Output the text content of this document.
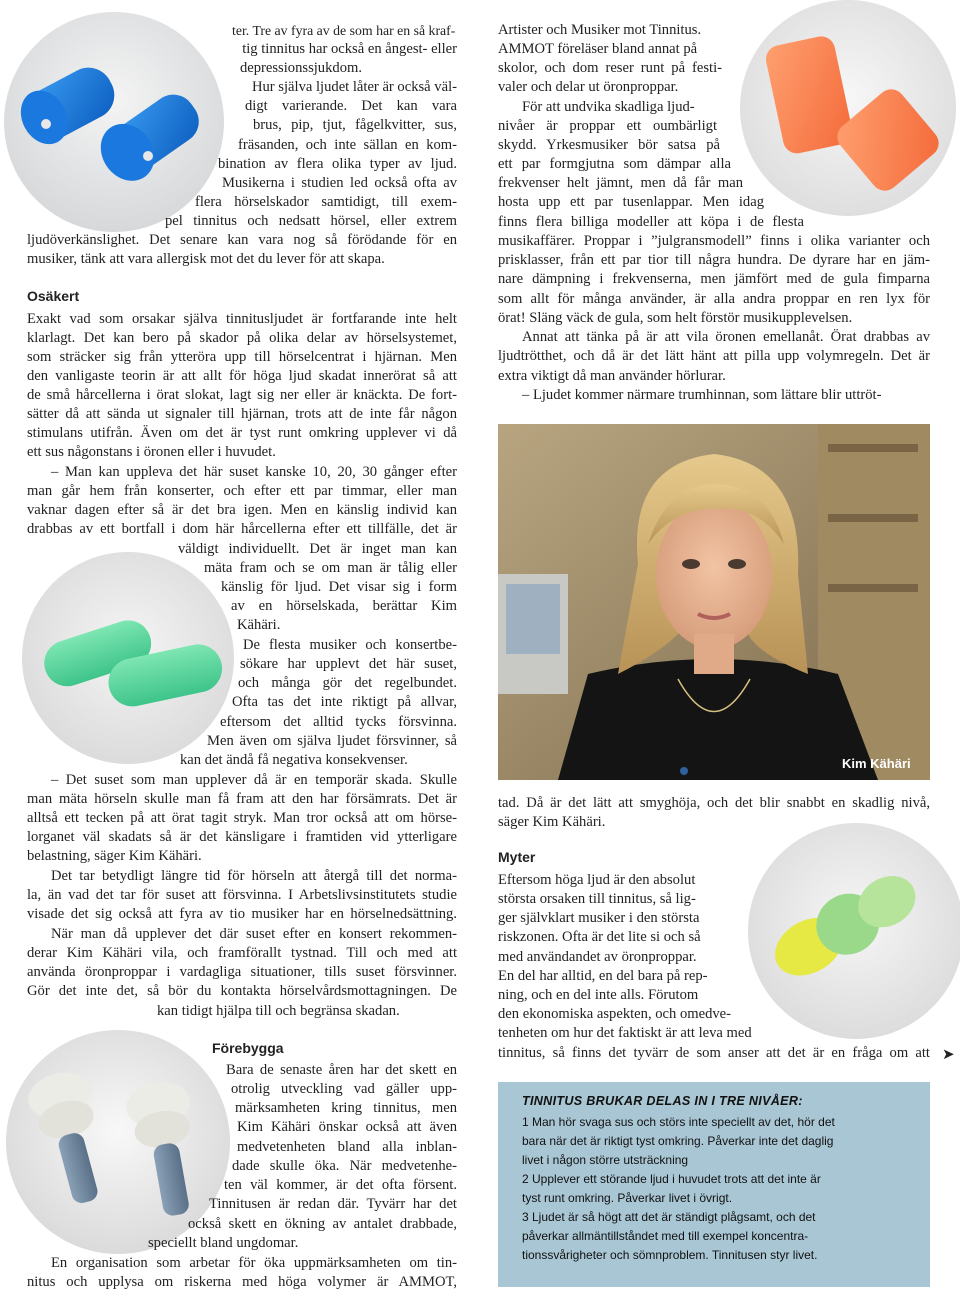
Kim Kähäri
ter. Tre av fyra av de som har en så kraf-
tig tinnitus har också en ångest- eller
depressionssjukdom.
Hur själva ljudet låter är också väl-
digt varierande. Det kan vara
brus, pip, tjut, fågelkvitter, sus,
fräsanden, och inte sällan en kom-
bination av flera olika typer av ljud.
Musikerna i studien led också ofta av
flera hörselskador samtidigt, till exem-
pel tinnitus och nedsatt hörsel, eller extrem
ljudöverkänslighet. Det senare kan vara nog så förödande för en
musiker, tänk att vara allergisk mot det du lever för att skapa.
Osäkert
Exakt vad som orsakar själva tinnitusljudet är fortfarande inte helt
klarlagt. Det kan bero på skador på olika delar av hörselsystemet,
som sträcker sig från ytteröra upp till hörselcentrat i hjärnan. Men
den vanligaste teorin är att allt för höga ljud skadat innerörat så att
de små hårcellerna i örat slokat, lagt sig ner eller är knäckta. De fort-
sätter då att sända ut signaler till hjärnan, trots att de inte får någon
stimulans utifrån. Även om det är tyst runt omkring upplever vi då
ett sus någonstans i öronen eller i huvudet.
– Man kan uppleva det här suset kanske 10, 20, 30 gånger efter
man går hem från konserter, och efter ett par timmar, eller man
vaknar dagen efter så är det bra igen. Men en känslig individ kan
drabbas av ett bortfall i dom här hårcellerna efter ett tillfälle, det är
väldigt individuellt. Det är inget man kan
mäta fram och se om man är tålig eller
känslig för ljud. Det visar sig i form
av en hörselskada, berättar Kim
Kähäri.
De flesta musiker och konsertbe-
sökare har upplevt det här suset,
och många gör det regelbundet.
Ofta tas det inte riktigt på allvar,
eftersom det alltid tycks försvinna.
Men även om själva ljudet försvinner, så
kan det ändå få negativa konsekvenser.
– Det suset som man upplever då är en temporär skada. Skulle
man mäta hörseln skulle man få fram att den har försämrats. Det är
alltså ett tecken på att örat tagit stryk. Man tror också att om hörse-
lorganet väl skadats så är det känsligare i framtiden vid ytterligare
belastning, säger Kim Kähäri.
Det tar betydligt längre tid för hörseln att återgå till det norma-
la, än vad det tar för suset att försvinna. I Arbetslivsinstitutets studie
visade det sig också att fyra av tio musiker har en hörselnedsättning.
När man då upplever det där suset efter en konsert rekommen-
derar Kim Kähäri vila, och framförallt tystnad. Till och med att
använda öronproppar i vardagliga situationer, tills suset försvinner.
Gör det inte det, så bör du kontakta hörselvårdsmottagningen. De
kan tidigt hjälpa till och begränsa skadan.
Förebygga
Bara de senaste åren har det skett en
otrolig utveckling vad gäller upp-
märksamheten kring tinnitus, men
Kim Kähäri önskar också att även
medvetenheten bland alla inblan-
dade skulle öka. När medvetenhe-
ten väl kommer, är det ofta försent.
Tinnitusen är redan där. Tyvärr har det
också skett en ökning av antalet drabbade,
speciellt bland ungdomar.
En organisation som arbetar för öka uppmärksamheten om tin-
nitus och upplysa om riskerna med höga volymer är AMMOT,
Artister och Musiker mot Tinnitus.
AMMOT föreläser bland annat på
skolor, och dom reser runt på festi-
valer och delar ut öronproppar.
För att undvika skadliga ljud-
nivåer är proppar ett oumbärligt
skydd. Yrkesmusiker bör satsa på
ett par formgjutna som dämpar alla
frekvenser helt jämnt, men då får man
hosta upp ett par tusenlappar. Men idag
finns flera billiga modeller att köpa i de flesta
musikaffärer. Proppar i ”julgransmodell” finns i olika varianter och
prisklasser, från ett par tior till några hundra. De dyrare har en jäm-
nare dämpning i frekvenserna, men jämfört med de gula fimparna
som allt för många använder, är alla andra proppar en ren lyx för
örat! Släng väck de gula, som helt förstör musikupplevelsen.
Annat att tänka på är att vila öronen emellanåt. Örat drabbas av
ljudtrötthet, och då är det lätt hänt att pilla upp volymregeln. Det är
extra viktigt då man använder hörlurar.
– Ljudet kommer närmare trumhinnan, som lättare blir uttröt-
tad. Då är det lätt att smyghöja, och det blir snabbt en skadlig nivå,
säger Kim Kähäri.
Myter
Eftersom höga ljud är den absolut
största orsaken till tinnitus, så lig-
ger självklart musiker i den största
riskzonen. Ofta är det lite si och så
med användandet av öronproppar.
En del har alltid, en del bara på rep-
ning, och en del inte alls. Förutom
den ekonomiska aspekten, och omedve-
tenheten om hur det faktiskt är att leva med
tinnitus, så finns det tyvärr de som anser att det är en fråga om att ➤
TINNITUS BRUKAR DELAS IN I TRE NIVÅER:
1 Man hör svaga sus och störs inte speciellt av det, hör det
bara när det är riktigt tyst omkring. Påverkar inte det daglig
livet i någon större utsträckning
2 Upplever ett störande ljud i huvudet trots att det inte är
tyst runt omkring. Påverkar livet i övrigt.
3 Ljudet är så högt att det är ständigt plågsamt, och det
påverkar allmäntillståndet med till exempel koncentra-
tionssvårigheter och sömnproblem. Tinnitusen styr livet.
